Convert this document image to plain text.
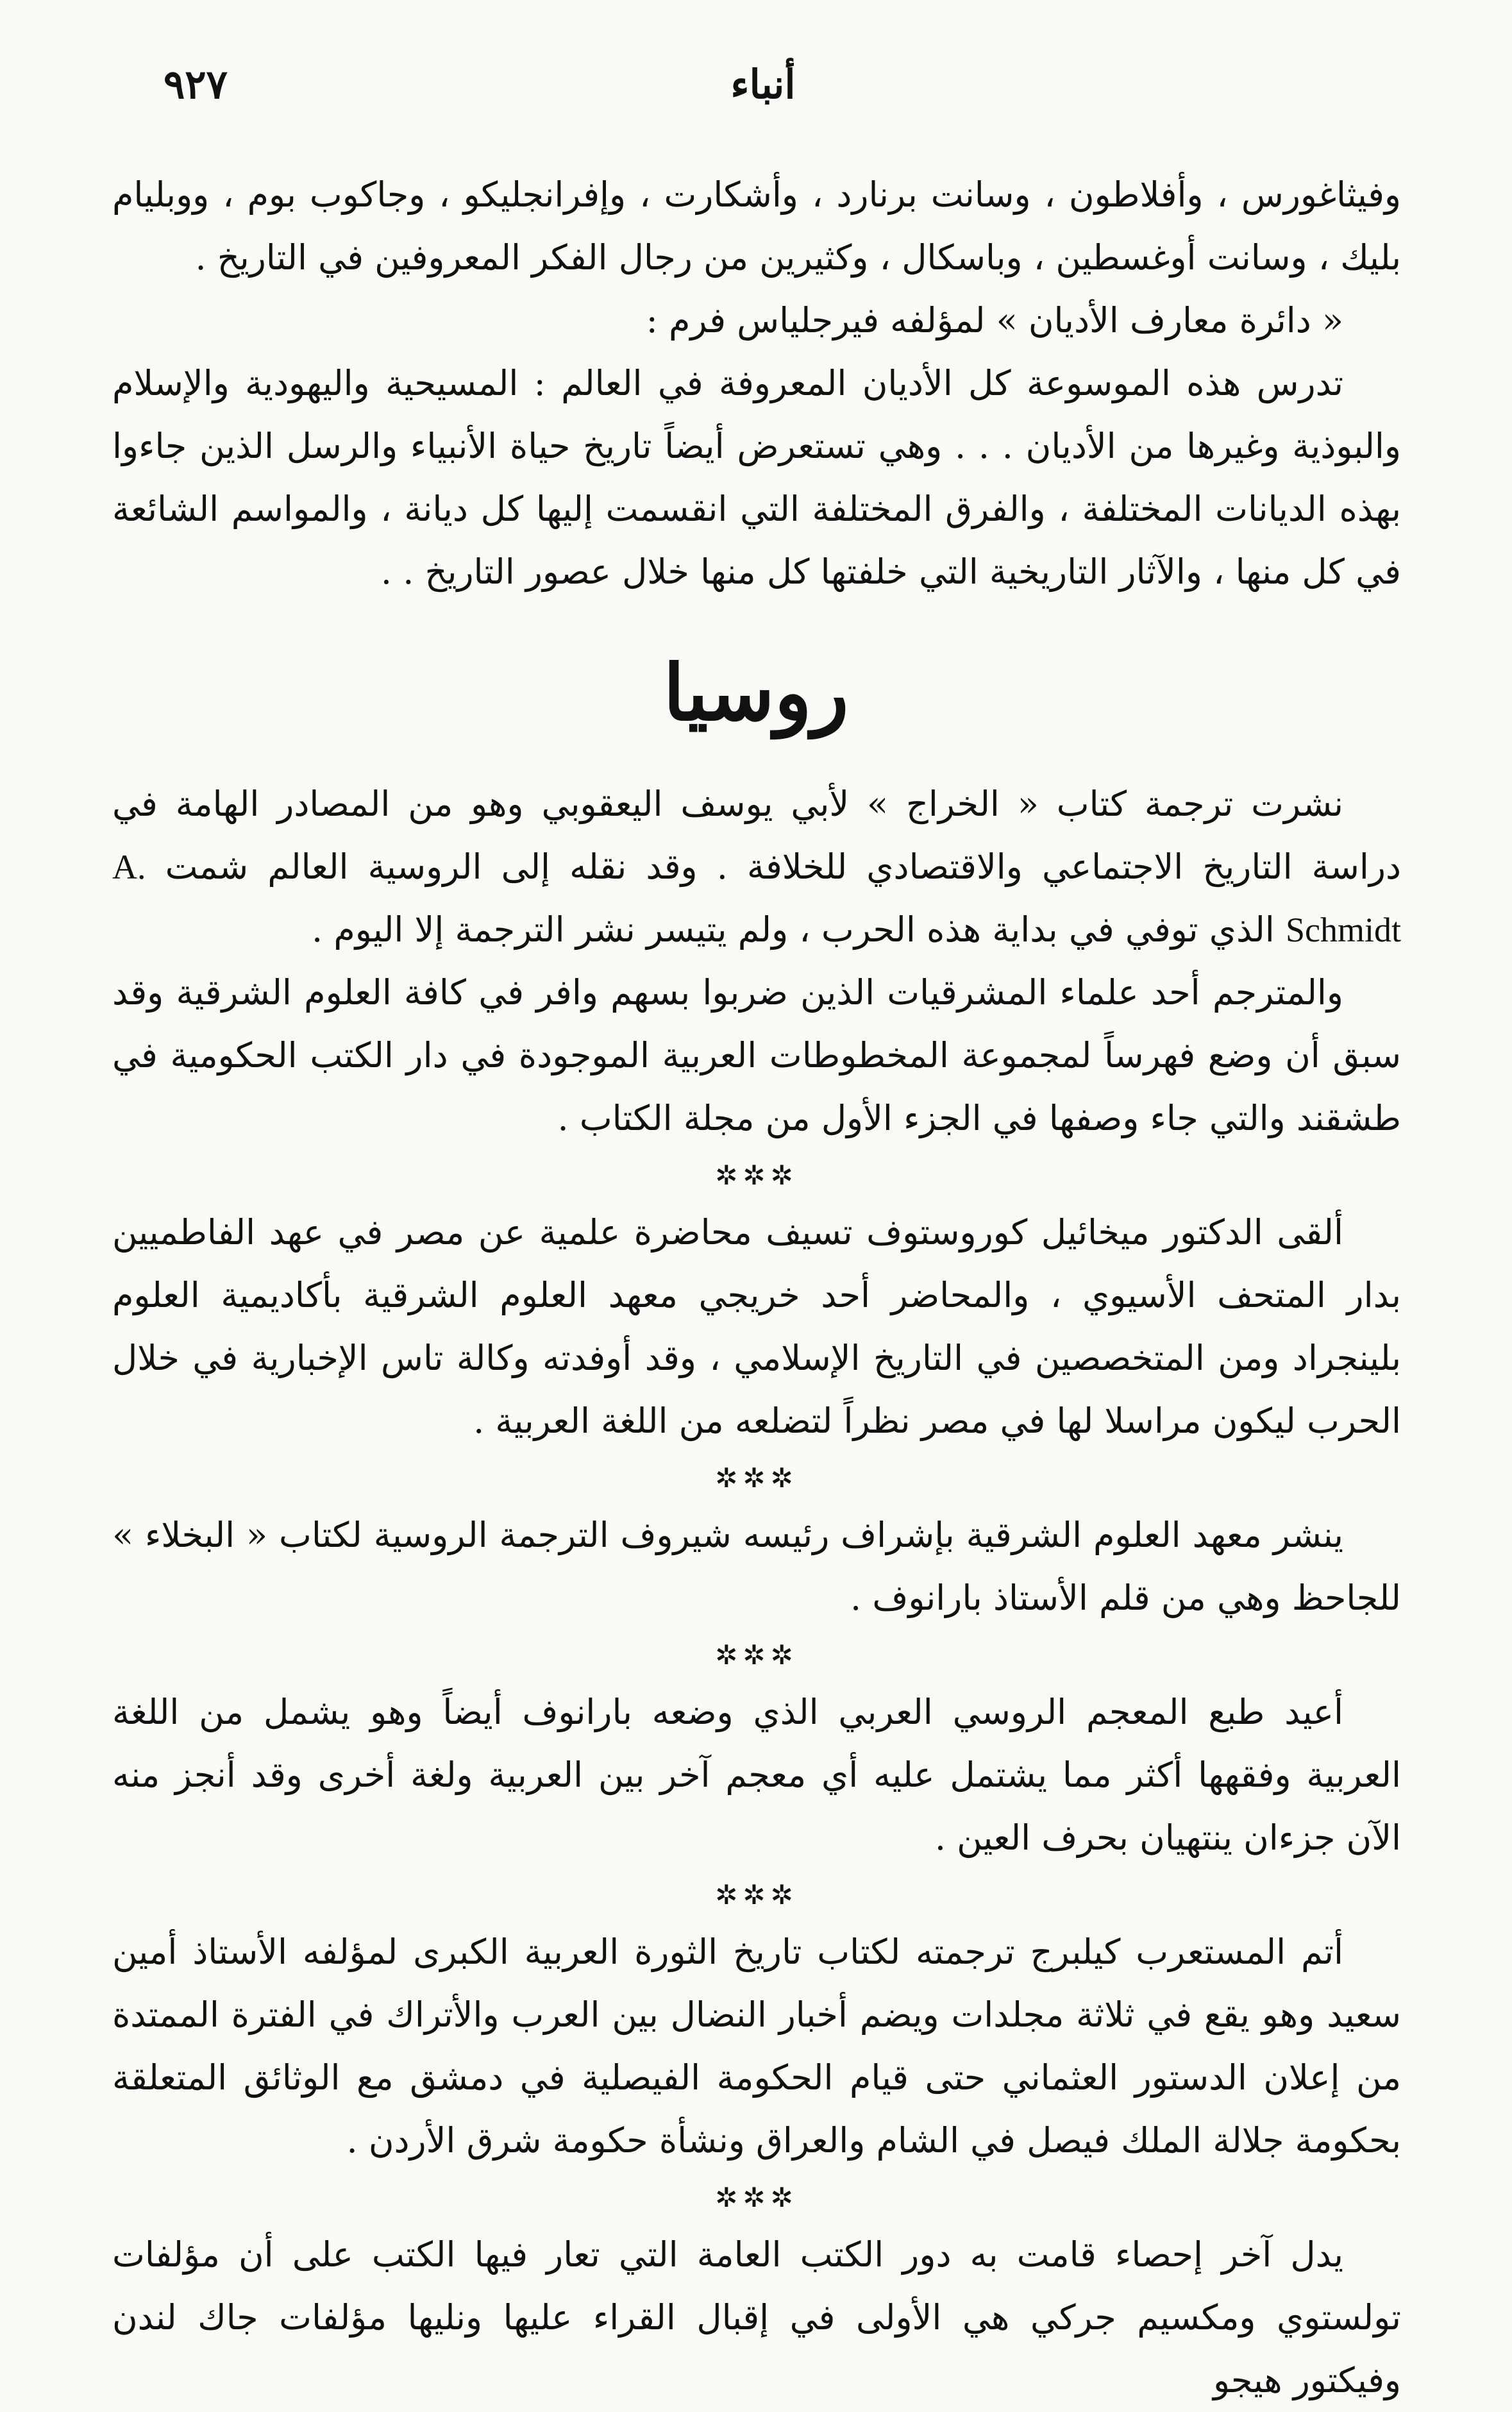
أنباء
٩٢٧

وفيثاغورس ، وأفلاطون ، وسانت برنارد ، وأشكارت ، وإفرانجليكو ، وجاكوب بوم ، ووبليام بليك ، وسانت أوغسطين ، وباسكال ، وكثيرين من رجال الفكر المعروفين في التاريخ .

« دائرة معارف الأديان » لمؤلفه فيرجلياس فرم :

تدرس هذه الموسوعة كل الأديان المعروفة في العالم : المسيحية واليهودية والإسلام والبوذية وغيرها من الأديان . . . وهي تستعرض أيضاً تاريخ حياة الأنبياء والرسل الذين جاءوا بهذه الديانات المختلفة ، والفرق المختلفة التي انقسمت إليها كل ديانة ، والمواسم الشائعة في كل منها ، والآثار التاريخية التي خلفتها كل منها خلال عصور التاريخ . .

روسيا

نشرت ترجمة كتاب « الخراج » لأبي يوسف اليعقوبي وهو من المصادر الهامة في دراسة التاريخ الاجتماعي والاقتصادي للخلافة . وقد نقله إلى الروسية العالم شمت A. Schmidt الذي توفي في بداية هذه الحرب ، ولم يتيسر نشر الترجمة إلا اليوم .

والمترجم أحد علماء المشرقيات الذين ضربوا بسهم وافر في كافة العلوم الشرقية وقد سبق أن وضع فهرساً لمجموعة المخطوطات العربية الموجودة في دار الكتب الحكومية في طشقند والتي جاء وصفها في الجزء الأول من مجلة الكتاب .

✲✲✲

ألقى الدكتور ميخائيل كوروستوف تسيف محاضرة علمية عن مصر في عهد الفاطميين بدار المتحف الأسيوي ، والمحاضر أحد خريجي معهد العلوم الشرقية بأكاديمية العلوم بلينجراد ومن المتخصصين في التاريخ الإسلامي ، وقد أوفدته وكالة تاس الإخبارية في خلال الحرب ليكون مراسلا لها في مصر نظراً لتضلعه من اللغة العربية .

✲✲✲

ينشر معهد العلوم الشرقية بإشراف رئيسه شيروف الترجمة الروسية لكتاب « البخلاء » للجاحظ وهي من قلم الأستاذ بارانوف .

✲✲✲

أعيد طبع المعجم الروسي العربي الذي وضعه بارانوف أيضاً وهو يشمل من اللغة العربية وفقهها أكثر مما يشتمل عليه أي معجم آخر بين العربية ولغة أخرى وقد أنجز منه الآن جزءان ينتهيان بحرف العين .

✲✲✲

أتم المستعرب كيلبرج ترجمته لكتاب تاريخ الثورة العربية الكبرى لمؤلفه الأستاذ أمين سعيد وهو يقع في ثلاثة مجلدات ويضم أخبار النضال بين العرب والأتراك في الفترة الممتدة من إعلان الدستور العثماني حتى قيام الحكومة الفيصلية في دمشق مع الوثائق المتعلقة بحكومة جلالة الملك فيصل في الشام والعراق ونشأة حكومة شرق الأردن .

✲✲✲

يدل آخر إحصاء قامت به دور الكتب العامة التي تعار فيها الكتب على أن مؤلفات تولستوي ومكسيم جركي هي الأولى في إقبال القراء عليها ونليها مؤلفات جاك لندن وفيكتور هيجو
